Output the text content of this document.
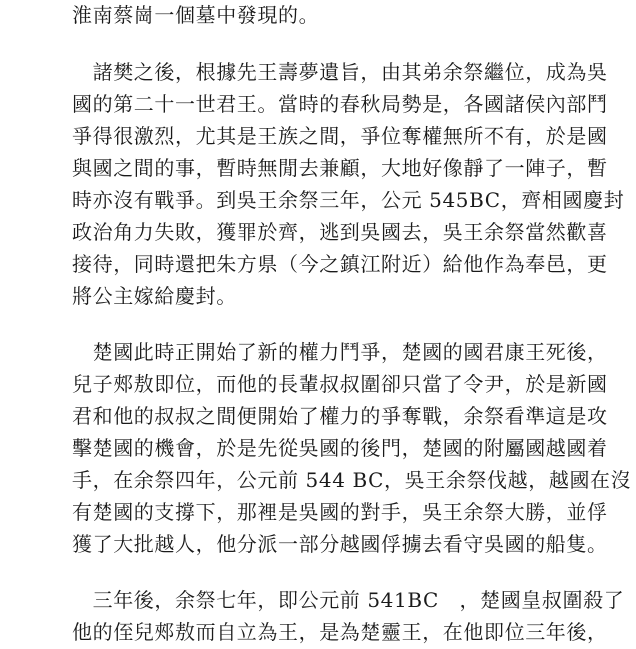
淮南蔡崗一個墓中發現的。
　諸樊之後，根據先王壽夢遺旨，由其弟余祭繼位，成為吳
國的第二十一世君王。當時的春秋局勢是，各國諸侯內部鬥
爭得很激烈，尤其是王族之間，爭位奪權無所不有，於是國
與國之間的事，暫時無閒去兼顧，大地好像靜了一陣子，暫
時亦沒有戰爭。到吳王余祭三年，公元 545BC，齊相國慶封
政治角力失敗，獲罪於齊，逃到吳國去，吳王余祭當然歡喜
接待，同時還把朱方県（今之鎮江附近）給他作為奉邑，更
將公主嫁給慶封。
　楚國此時正開始了新的權力鬥爭，楚國的國君康王死後，
兒子郟敖即位，而他的長輩叔叔圍卻只當了令尹，於是新國
君和他的叔叔之間便開始了權力的爭奪戰，余祭看準這是攻
擊楚國的機會，於是先從吳國的後門，楚國的附屬國越國着
手，在余祭四年，公元前 544 BC，吳王余祭伐越，越國在沒
有楚國的支撐下，那裡是吳國的對手，吳王余祭大勝，並俘
獲了大批越人，他分派一部分越國俘擄去看守吳國的船隻。
　三年後，余祭七年，即公元前 541BC　，楚國皇叔圍殺了
他的侄兒郟敖而自立為王，是為楚靈王，在他即位三年後，
